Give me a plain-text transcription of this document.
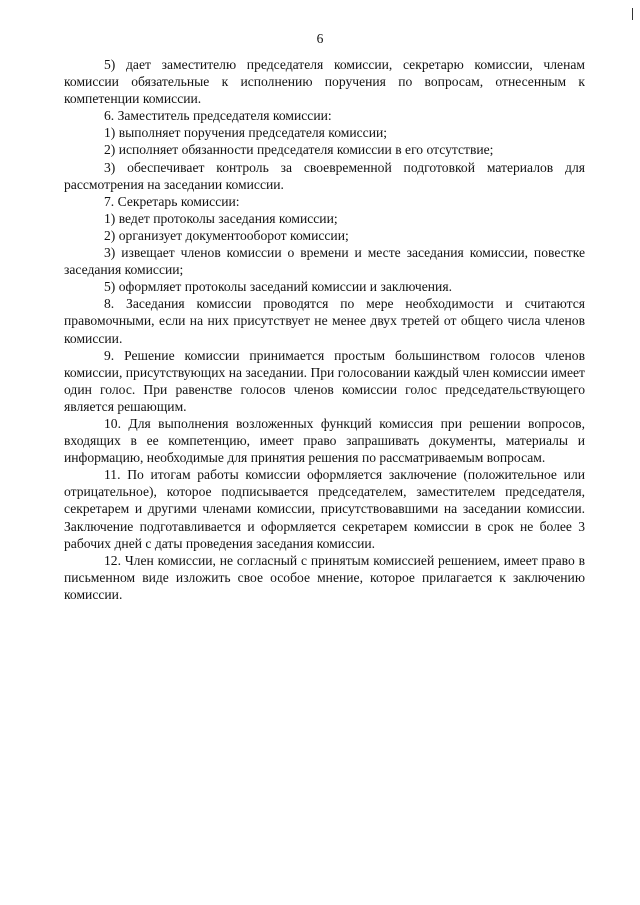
6

5) дает заместителю председателя комиссии, секретарю комиссии, членам комиссии обязательные к исполнению поручения по вопросам, отнесенным к компетенции комиссии.

6. Заместитель председателя комиссии:

1) выполняет поручения председателя комиссии;

2) исполняет обязанности председателя комиссии в его отсутствие;

3) обеспечивает контроль за своевременной подготовкой материалов для рассмотрения на заседании комиссии.

7. Секретарь комиссии:

1) ведет протоколы заседания комиссии;

2) организует документооборот комиссии;

3) извещает членов комиссии о времени и месте заседания комиссии, повестке заседания комиссии;

5) оформляет протоколы заседаний комиссии и заключения.

8. Заседания комиссии проводятся по мере необходимости и считаются правомочными, если на них присутствует не менее двух третей от общего числа членов комиссии.

9. Решение комиссии принимается простым большинством голосов членов комиссии, присутствующих на заседании. При голосовании каждый член комиссии имеет один голос. При равенстве голосов членов комиссии голос председательствующего является решающим.

10. Для выполнения возложенных функций комиссия при решении вопросов, входящих в ее компетенцию, имеет право запрашивать документы, материалы и информацию, необходимые для принятия решения по рассматриваемым вопросам.

11. По итогам работы комиссии оформляется заключение (положительное или отрицательное), которое подписывается председателем, заместителем председателя, секретарем и другими членами комиссии, присутствовавшими на заседании комиссии. Заключение подготавливается и оформляется секретарем комиссии в срок не более 3 рабочих дней с даты проведения заседания комиссии.

12. Член комиссии, не согласный с принятым комиссией решением, имеет право в письменном виде изложить свое особое мнение, которое прилагается к заключению комиссии.
